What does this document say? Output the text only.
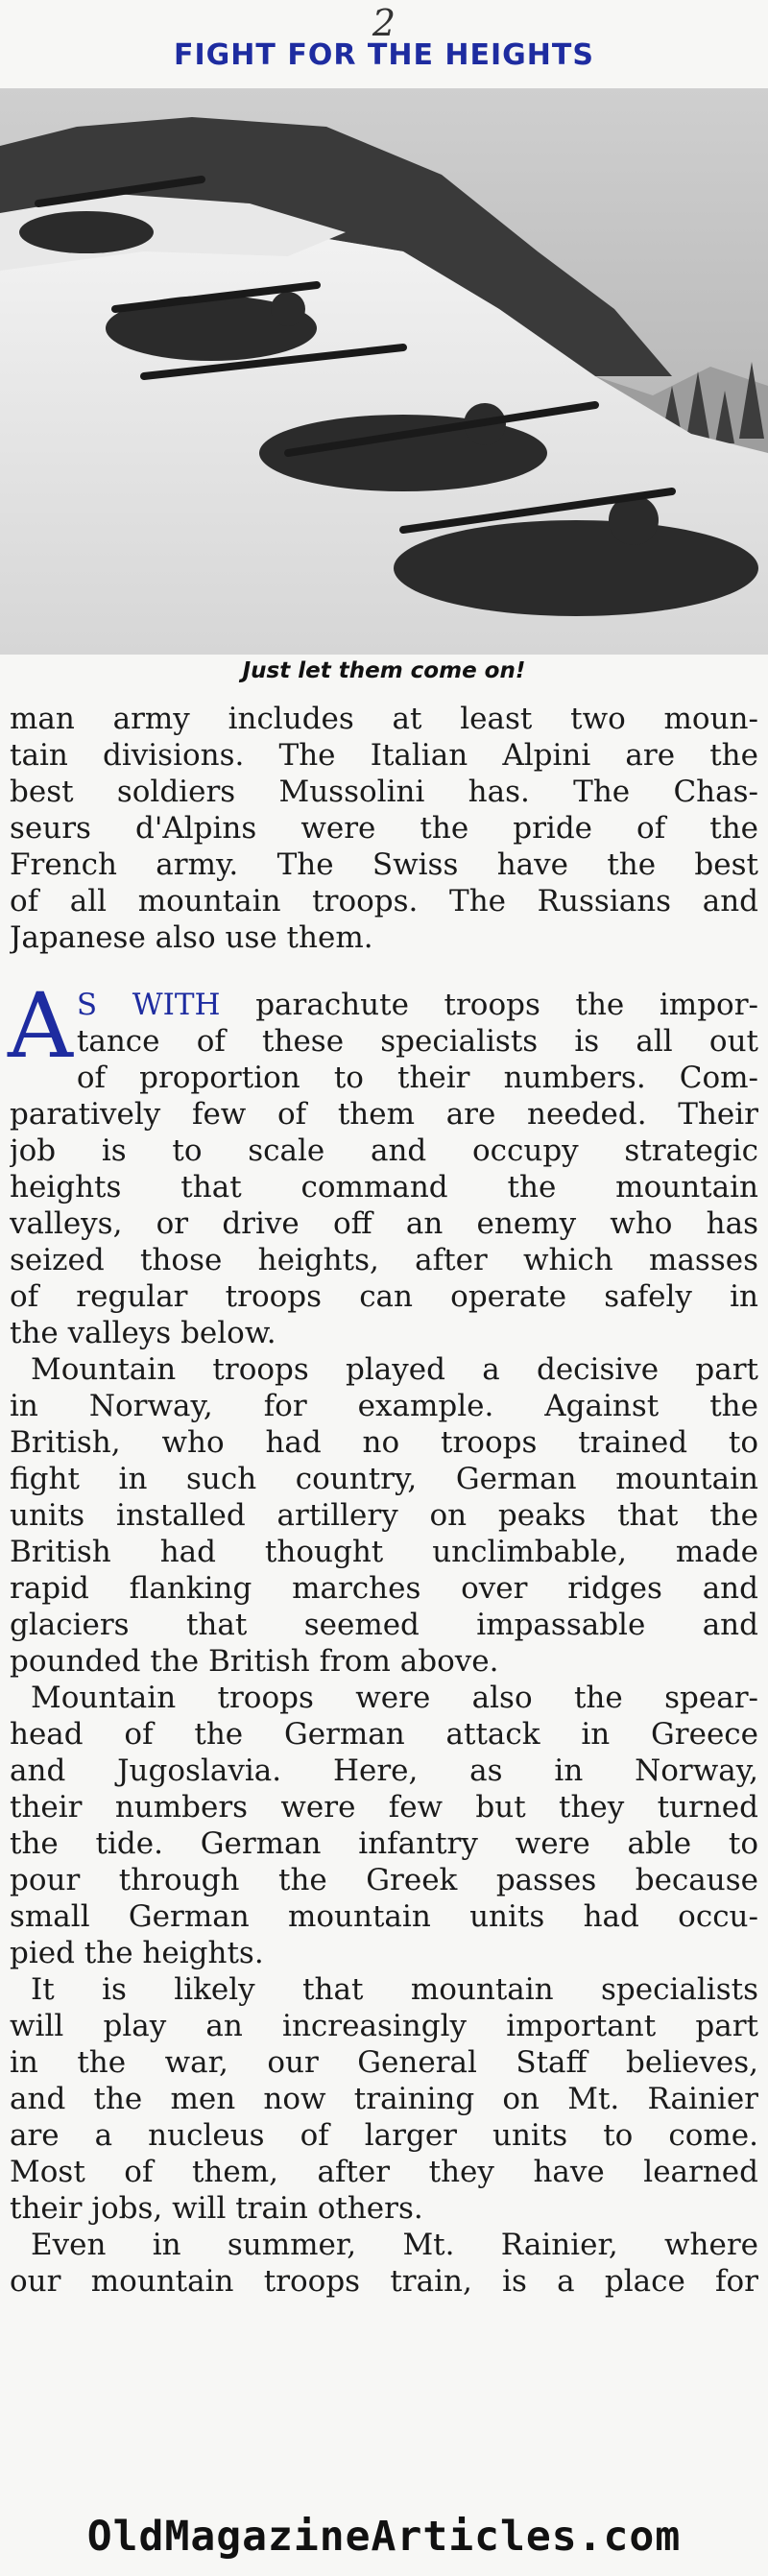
2
FIGHT FOR THE HEIGHTS
Just let them come on!
man army includes at least two moun-
tain divisions. The Italian Alpini are the
best soldiers Mussolini has. The Chas-
seurs d'Alpins were the pride of the
French army. The Swiss have the best
of all mountain troops. The Russians and
Japanese also use them.
A S WITH parachute troops the impor-
tance of these specialists is all out
of proportion to their numbers. Com-
paratively few of them are needed. Their
job is to scale and occupy strategic
heights that command the mountain
valleys, or drive off an enemy who has
seized those heights, after which masses
of regular troops can operate safely in
the valleys below.
Mountain troops played a decisive part
in Norway, for example. Against the
British, who had no troops trained to
fight in such country, German mountain
units installed artillery on peaks that the
British had thought unclimbable, made
rapid flanking marches over ridges and
glaciers that seemed impassable and
pounded the British from above.
Mountain troops were also the spear-
head of the German attack in Greece
and Jugoslavia. Here, as in Norway,
their numbers were few but they turned
the tide. German infantry were able to
pour through the Greek passes because
small German mountain units had occu-
pied the heights.
It is likely that mountain specialists
will play an increasingly important part
in the war, our General Staff believes,
and the men now training on Mt. Rainier
are a nucleus of larger units to come.
Most of them, after they have learned
their jobs, will train others.
Even in summer, Mt. Rainier, where
our mountain troops train, is a place for
OldMagazineArticles.com
